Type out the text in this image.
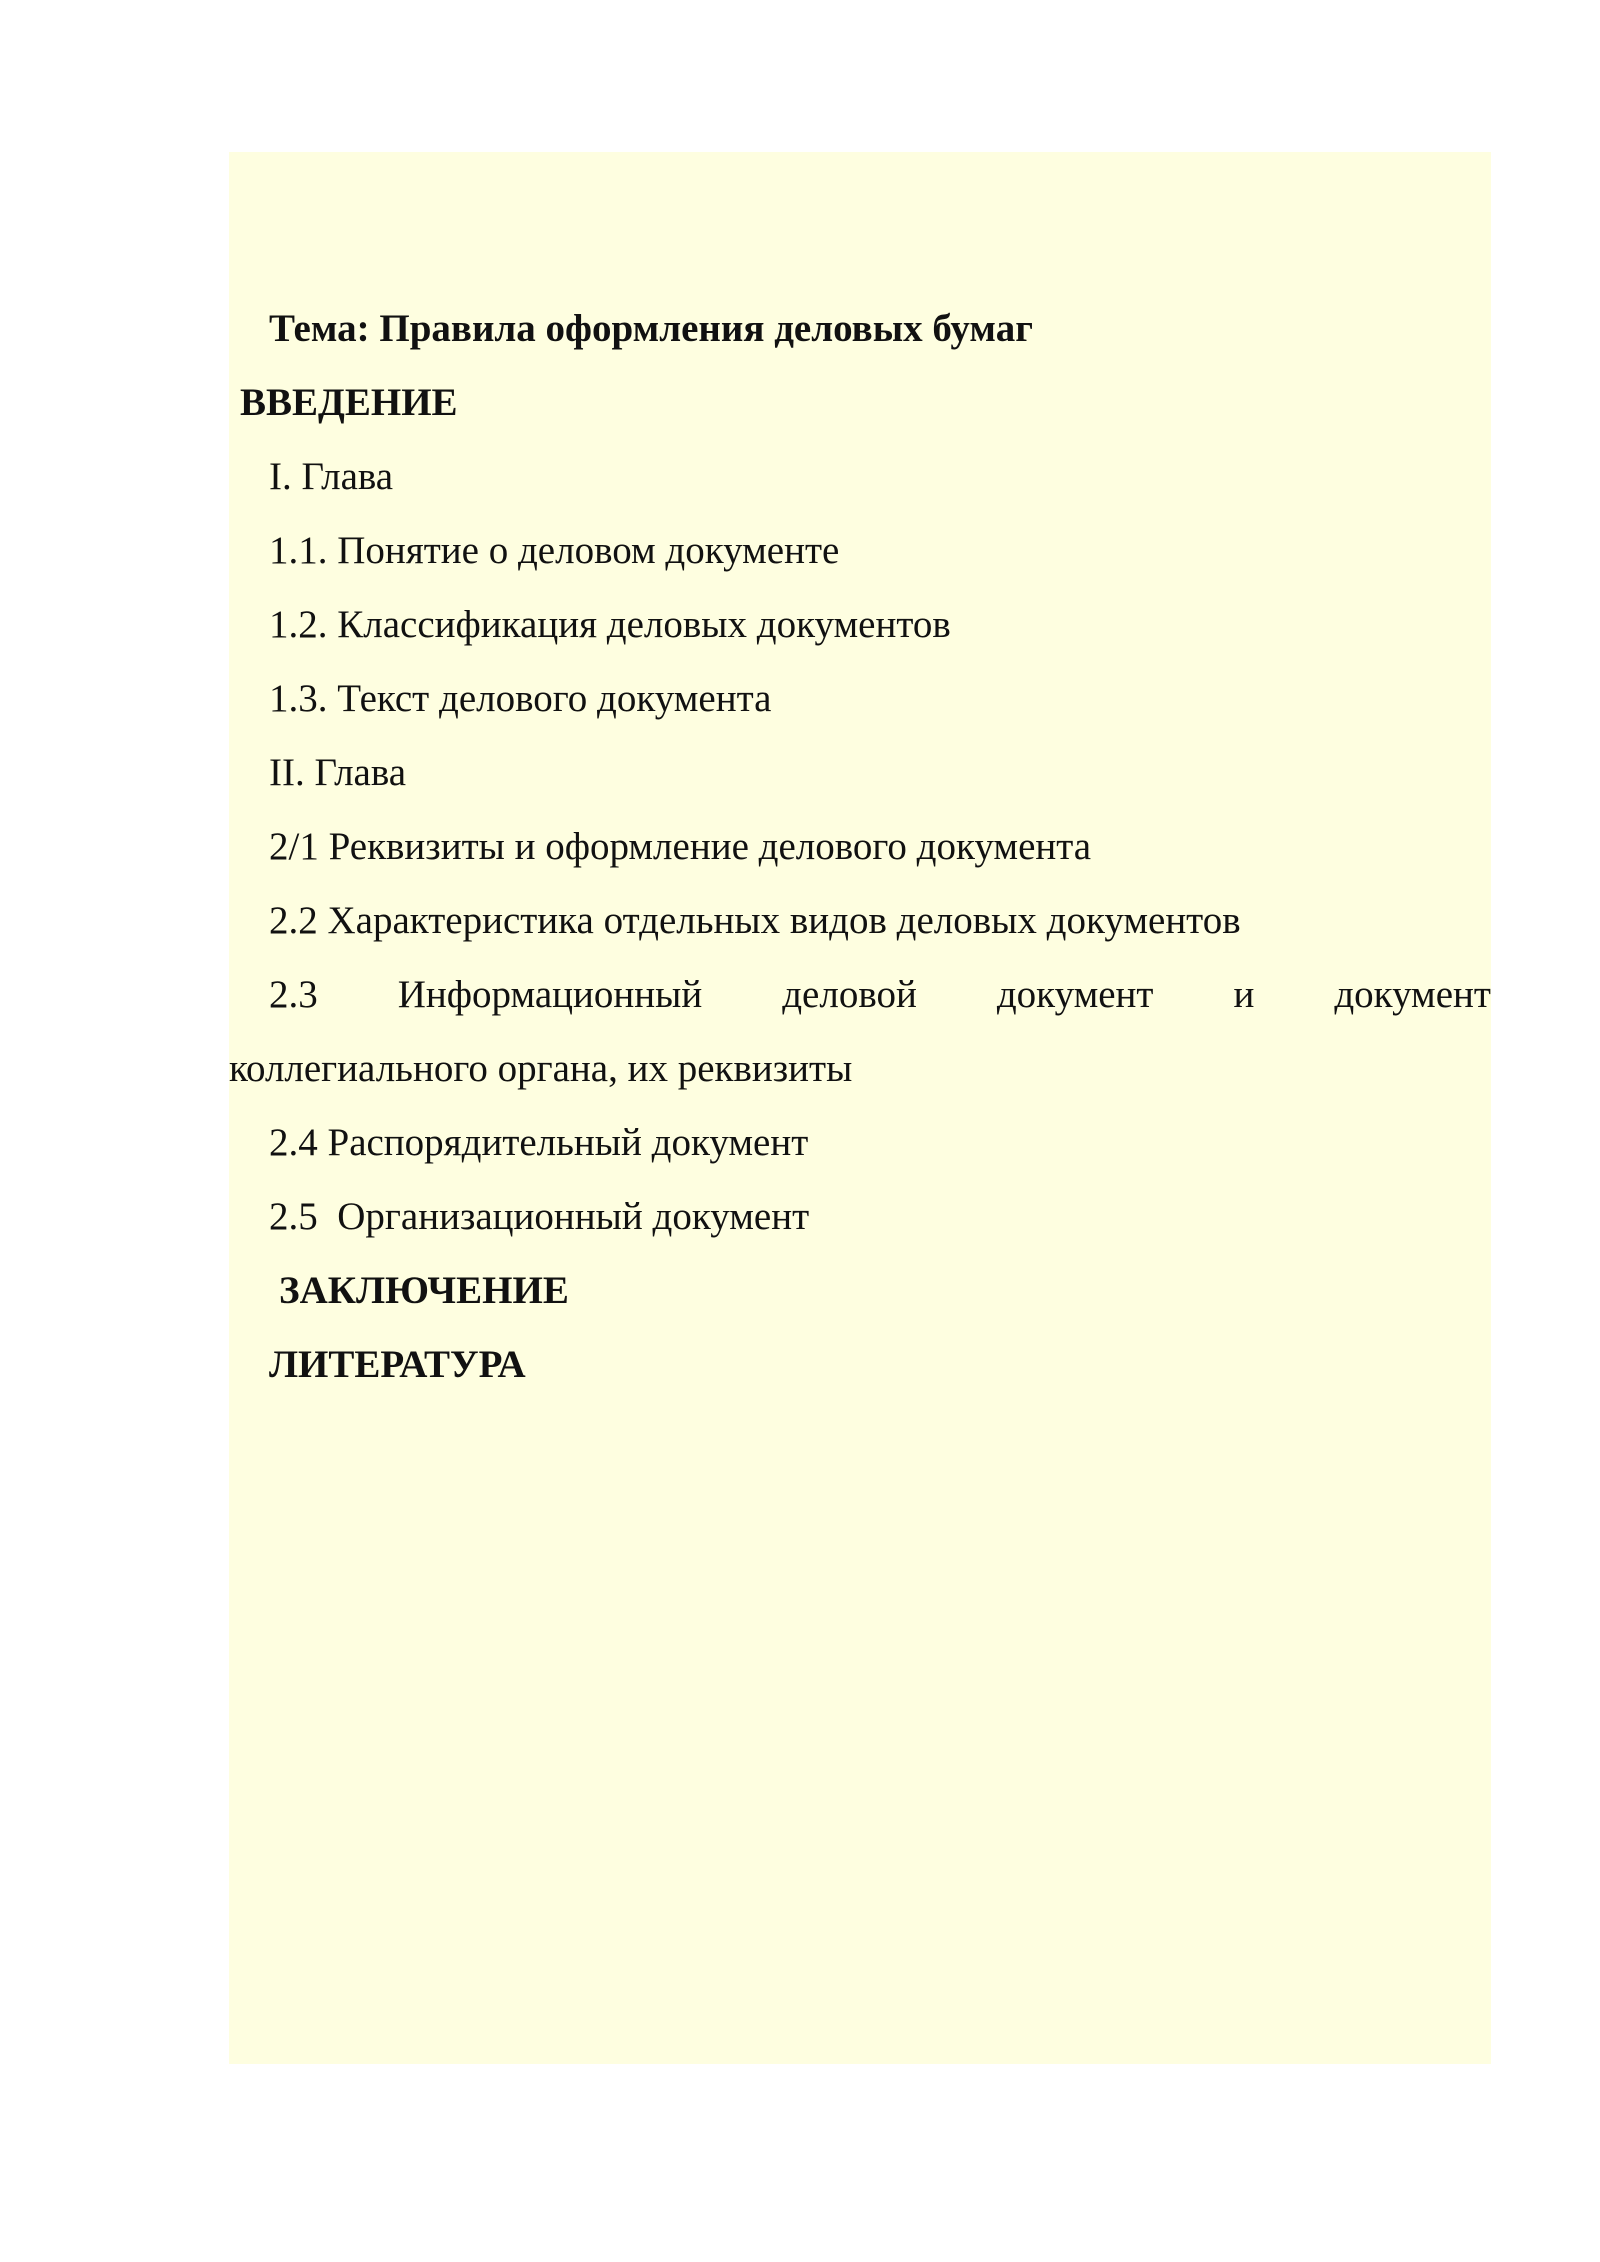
Тема: Правила оформления деловых бумаг
ВВЕДЕНИЕ
I. Глава
1.1. Понятие о деловом документе
1.2. Классификация деловых документов
1.3. Текст делового документа
II. Глава
2/1 Реквизиты и оформление делового документа
2.2 Характеристика отдельных видов деловых документов
2.3 Информационный деловой документ и документ
коллегиального органа, их реквизиты
2.4 Распорядительный документ
2.5  Организационный документ
ЗАКЛЮЧЕНИЕ
ЛИТЕРАТУРА
